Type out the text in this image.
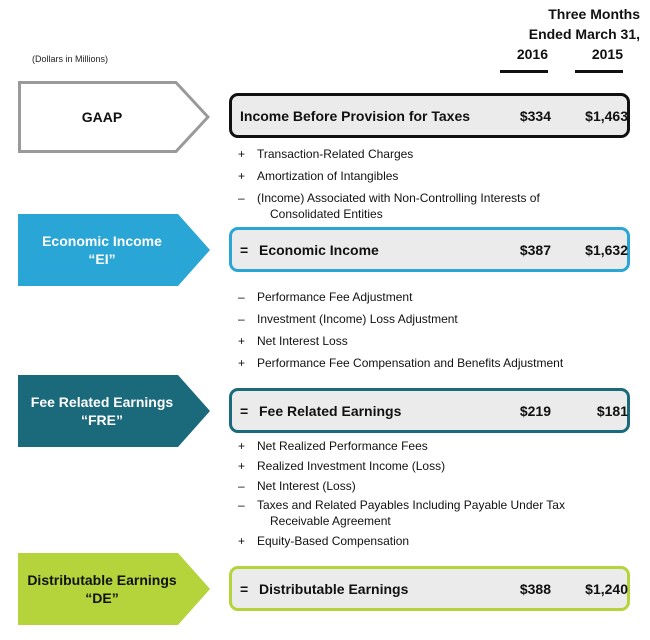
Three Months
Ended March 31,
2016	2015
(Dollars in Millions)
GAAP	Income Before Provision for Taxes	$334	$1,463
+ Transaction-Related Charges
+ Amortization of Intangibles
– (Income) Associated with Non-Controlling Interests of
Consolidated Entities
Economic Income
“EI”
= Economic Income	$387	$1,632
– Performance Fee Adjustment
– Investment (Income) Loss Adjustment
+ Net Interest Loss
+ Performance Fee Compensation and Benefits Adjustment
Fee Related Earnings
“FRE”
= Fee Related Earnings	$219	$181
+ Net Realized Performance Fees
+ Realized Investment Income (Loss)
– Net Interest (Loss)
– Taxes and Related Payables Including Payable Under Tax
Receivable Agreement
+ Equity-Based Compensation
Distributable Earnings
“DE”
= Distributable Earnings	$388	$1,240
